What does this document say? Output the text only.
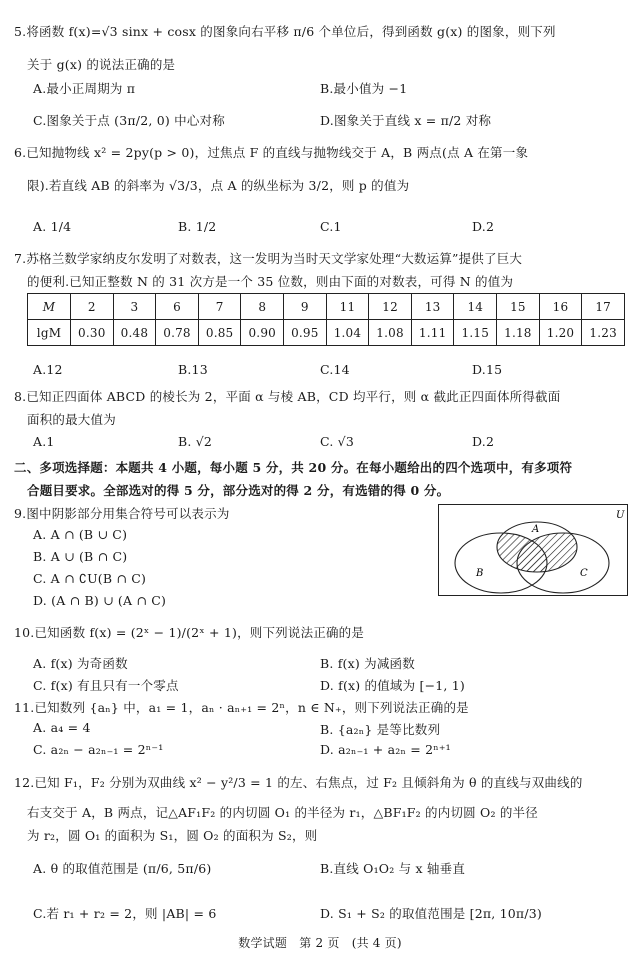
5.将函数 f(x)=√3 sinx + cosx 的图象向右平移 π/6 个单位后，得到函数 g(x) 的图象，则下列
关于 g(x) 的说法正确的是
A.最小正周期为 π	B.最小值为 −1
C.图象关于点 (3π/2, 0) 中心对称	D.图象关于直线 x = π/2 对称
6.已知抛物线 x² = 2py(p > 0)，过焦点 F 的直线与抛物线交于 A，B 两点(点 A 在第一象
限).若直线 AB 的斜率为 √3/3，点 A 的纵坐标为 3/2，则 p 的值为
A. 1/4	B. 1/2	C.1	D.2
7.苏格兰数学家纳皮尔发明了对数表，这一发明为当时天文学家处理“大数运算”提供了巨大
的便利.已知正整数 N 的 31 次方是一个 35 位数，则由下面的对数表，可得 N 的值为
M	2	3	6	7	8	9	11	12	13	14	15	16	17
lgM	0.30	0.48	0.78	0.85	0.90	0.95	1.04	1.08	1.11	1.15	1.18	1.20	1.23
A.12	B.13	C.14	D.15
8.已知正四面体 ABCD 的棱长为 2，平面 α 与棱 AB，CD 均平行，则 α 截此正四面体所得截面
面积的最大值为
A.1	B. √2	C. √3	D.2
二、多项选择题：本题共 4 小题，每小题 5 分，共 20 分。在每小题给出的四个选项中，有多项符
合题目要求。全部选对的得 5 分，部分选对的得 2 分，有选错的得 0 分。
9.图中阴影部分用集合符号可以表示为
A. A ∩ (B ∪ C)
B. A ∪ (B ∩ C)
C. A ∩ ∁U(B ∩ C)
D. (A ∩ B) ∪ (A ∩ C)
U
A
B	C
10.已知函数 f(x) = (2ˣ − 1)/(2ˣ + 1)，则下列说法正确的是
A. f(x) 为奇函数	B. f(x) 为减函数
C. f(x) 有且只有一个零点	D. f(x) 的值域为 [−1, 1)
11.已知数列 {aₙ} 中，a₁ = 1，aₙ · aₙ₊₁ = 2ⁿ，n ∈ N₊，则下列说法正确的是
A. a₄ = 4	B. {a₂ₙ} 是等比数列
C. a₂ₙ − a₂ₙ₋₁ = 2ⁿ⁻¹	D. a₂ₙ₋₁ + a₂ₙ = 2ⁿ⁺¹
12.已知 F₁，F₂ 分别为双曲线 x² − y²/3 = 1 的左、右焦点，过 F₂ 且倾斜角为 θ 的直线与双曲线的
右支交于 A，B 两点，记△AF₁F₂ 的内切圆 O₁ 的半径为 r₁，△BF₁F₂ 的内切圆 O₂ 的半径
为 r₂，圆 O₁ 的面积为 S₁，圆 O₂ 的面积为 S₂，则
A. θ 的取值范围是 (π/6, 5π/6)	B.直线 O₁O₂ 与 x 轴垂直
C.若 r₁ + r₂ = 2，则 |AB| = 6	D. S₁ + S₂ 的取值范围是 [2π, 10π/3)
数学试题　第 2 页　(共 4 页)
